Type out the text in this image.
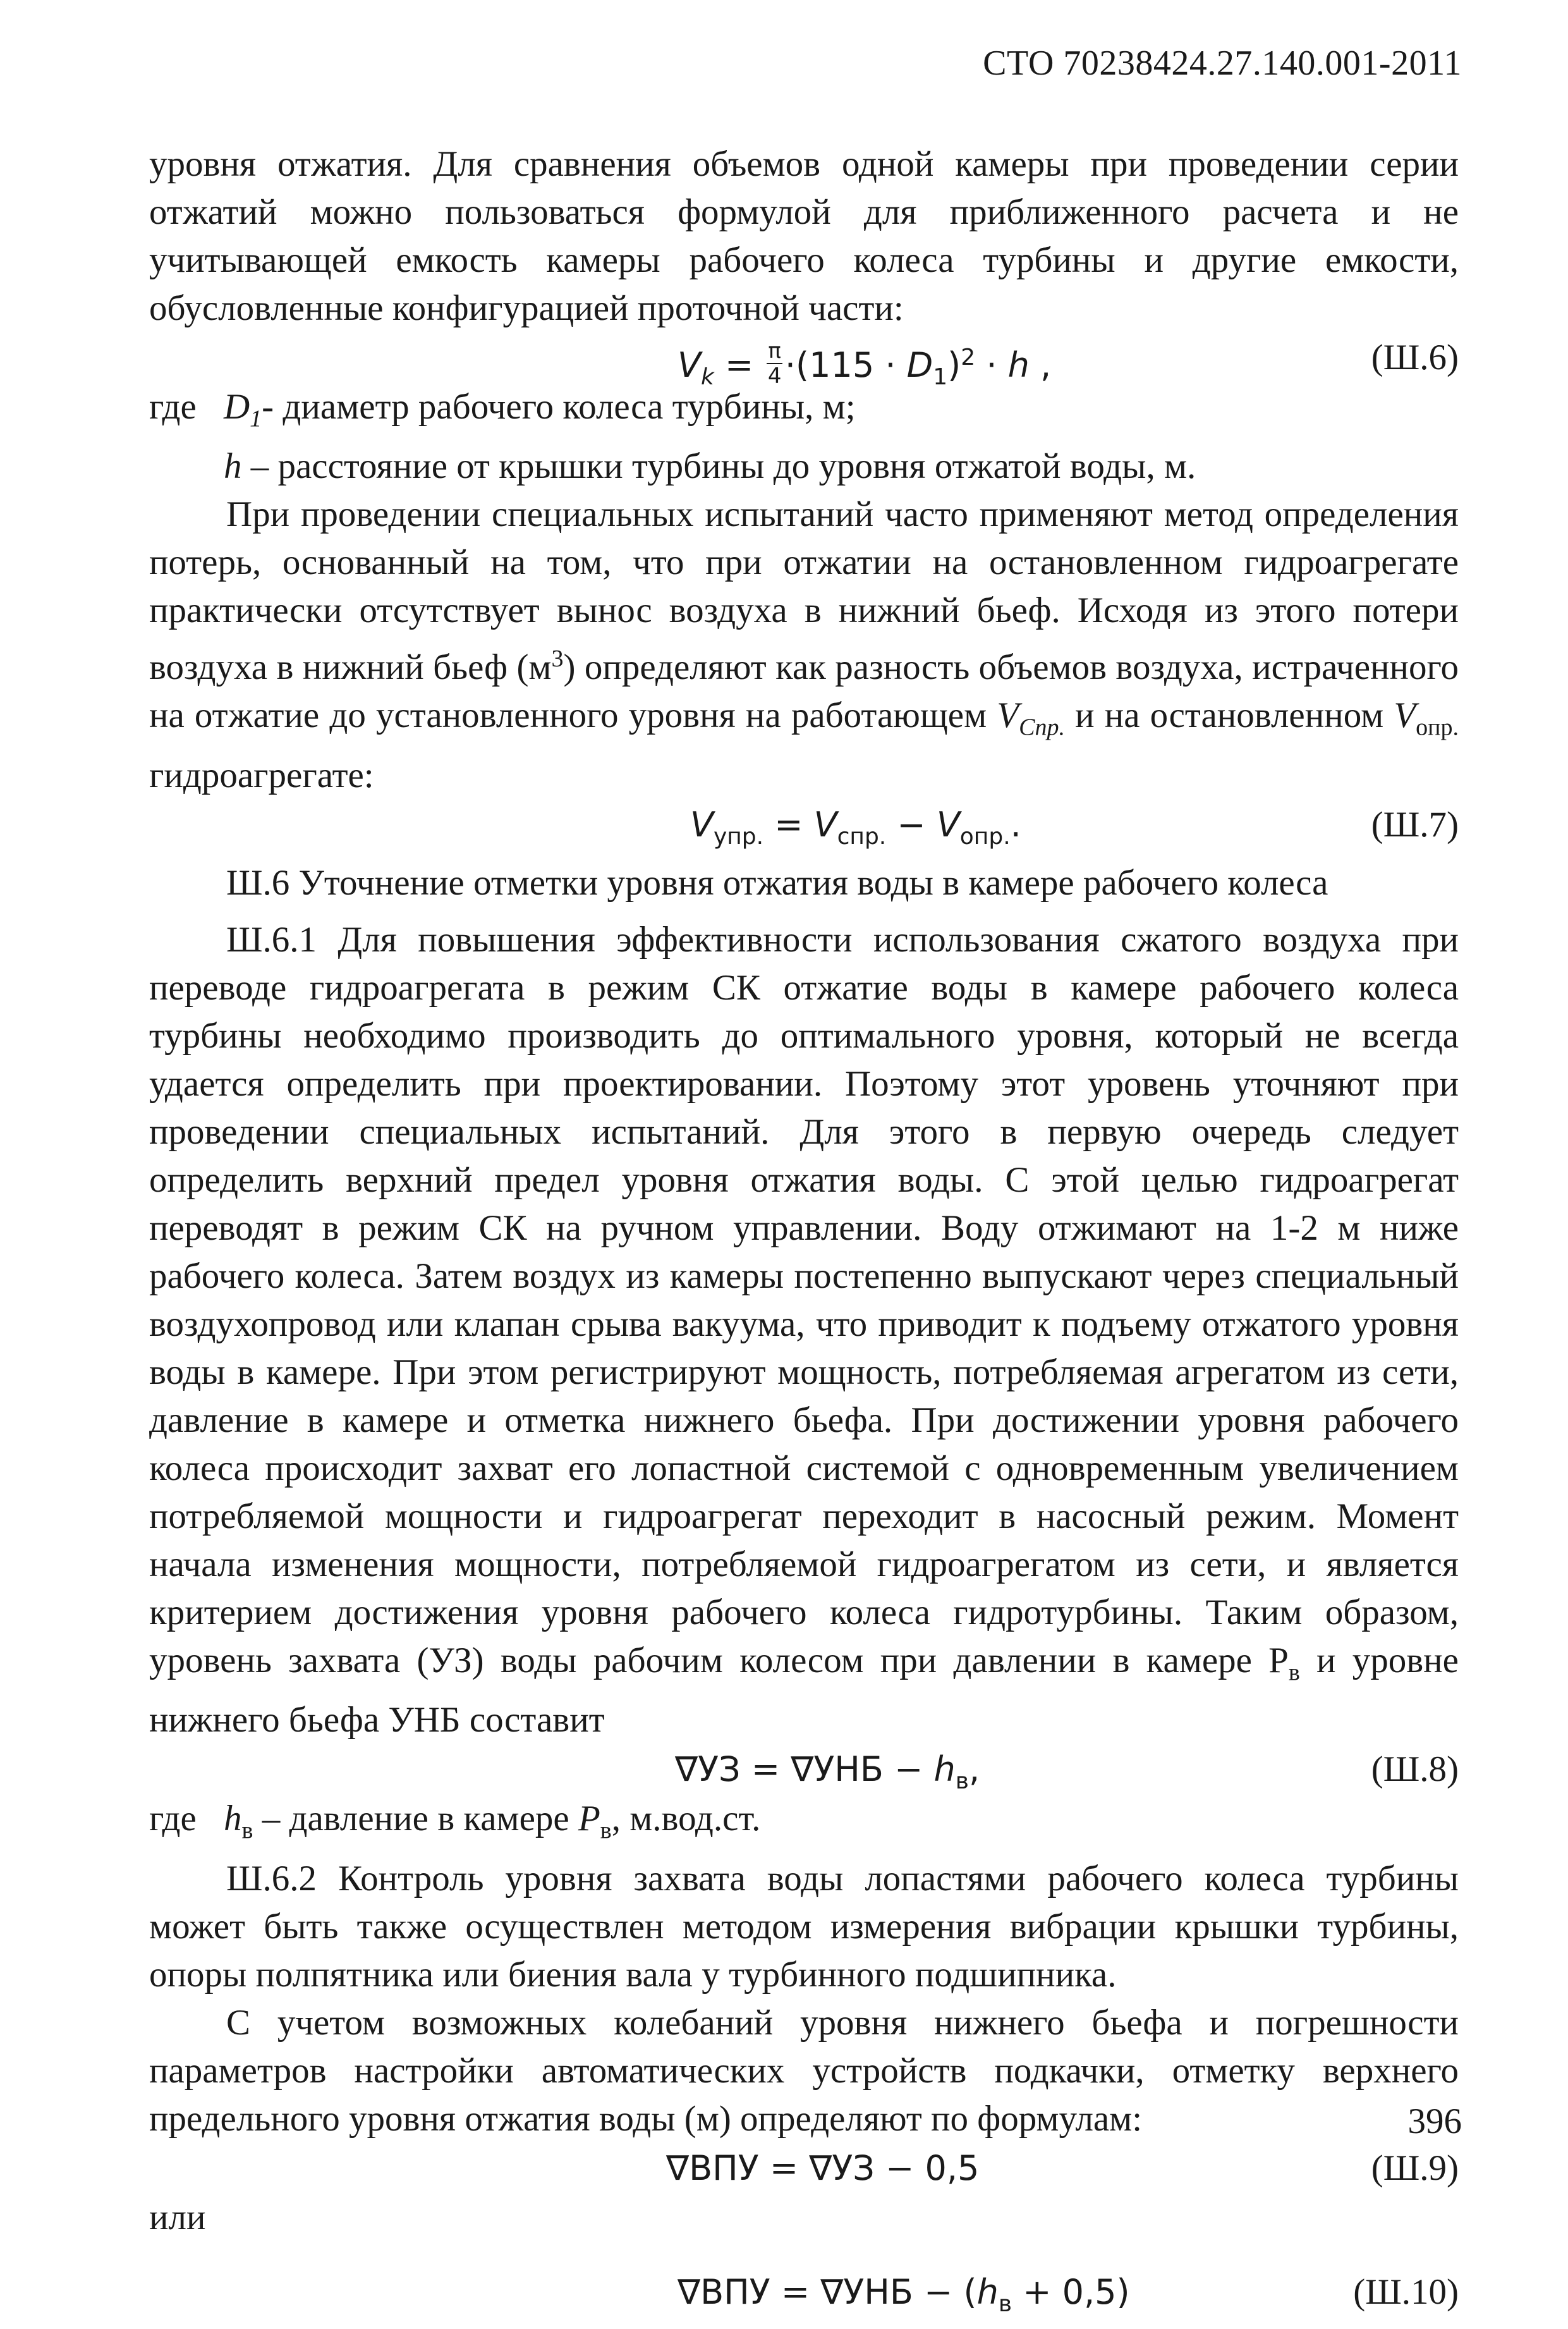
СТО 70238424.27.140.001-2011

уровня отжатия. Для сравнения объемов одной камеры при проведении серии отжатий можно пользоваться формулой для приближенного расчета и не учитывающей емкость камеры рабочего колеса турбины и другие емкости, обусловленные конфигурацией проточной части:

$V_k = \frac{\pi}{4} \cdot(115 \cdot D_1)^2 \cdot h$ ,	(Ш.6)
где $D_1-$ диаметр рабочего колеса турбины, м;

h – расстояние от крышки турбины до уровня отжатой воды, м.

При проведении специальных испытаний часто применяют метод определения потерь, основанный на том, что при отжатии на остановленном гидроагрегате практически отсутствует вынос воздуха в нижний бьеф. Исходя из этого потери воздуха в нижний бьеф $(м^3)$ определяют как разность объемов воздуха, истраченного на отжатие до установленного уровня на работающем $V_{Спр.}$ и на остановленном $V_{опр.}$ гидроагрегате:

$V_{упр.} = V_{спр.} - V_{опр.}$.	(Ш.7)

Ш.6 Уточнение отметки уровня отжатия воды в камере рабочего колеса

Ш.6.1 Для повышения эффективности использования сжатого воздуха при переводе гидроагрегата в режим СК отжатие воды в камере рабочего колеса турбины необходимо производить до оптимального уровня, который не всегда удается определить при проектировании. Поэтому этот уровень уточняют при проведении специальных испытаний. Для этого в первую очередь следует определить верхний предел уровня отжатия воды. С этой целью гидроагрегат переводят в режим СК на ручном управлении. Воду отжимают на 1-2 м ниже рабочего колеса. Затем воздух из камеры постепенно выпускают через специальный воздухопровод или клапан срыва вакуума, что приводит к подъему отжатого уровня воды в камере. При этом регистрируют мощность, потребляемая агрегатом из сети, давление в камере и отметка нижнего бьефа. При достижении уровня рабочего колеса происходит захват его лопастной системой с одновременным увеличением потребляемой мощности и гидроагрегат переходит в насосный режим. Момент начала изменения мощности, потребляемой гидроагрегатом из сети, и является критерием достижения уровня рабочего колеса гидротурбины. Таким образом, уровень захвата (УЗ) воды рабочим колесом при давлении в камере $Р_в$ и уровне нижнего бьефа УНБ составит

$\nabla УЗ = \nabla УНБ - h_в$,	(Ш.8)
где $h_в$ – давление в камере $P_в$, м.вод.ст.

Ш.6.2 Контроль уровня захвата воды лопастями рабочего колеса турбины может быть также осуществлен методом измерения вибрации крышки турбины, опоры полпятника или биения вала у турбинного подшипника.

С учетом возможных колебаний уровня нижнего бьефа и погрешности параметров настройки автоматических устройств подкачки, отметку верхнего предельного уровня отжатия воды (м) определяют по формулам:

∇ВПУ = ∇УЗ − 0,5	(Ш.9)

или

$\nabla ВПУ = \nabla УНБ - (h_в + 0,5)$	(Ш.10)
396
